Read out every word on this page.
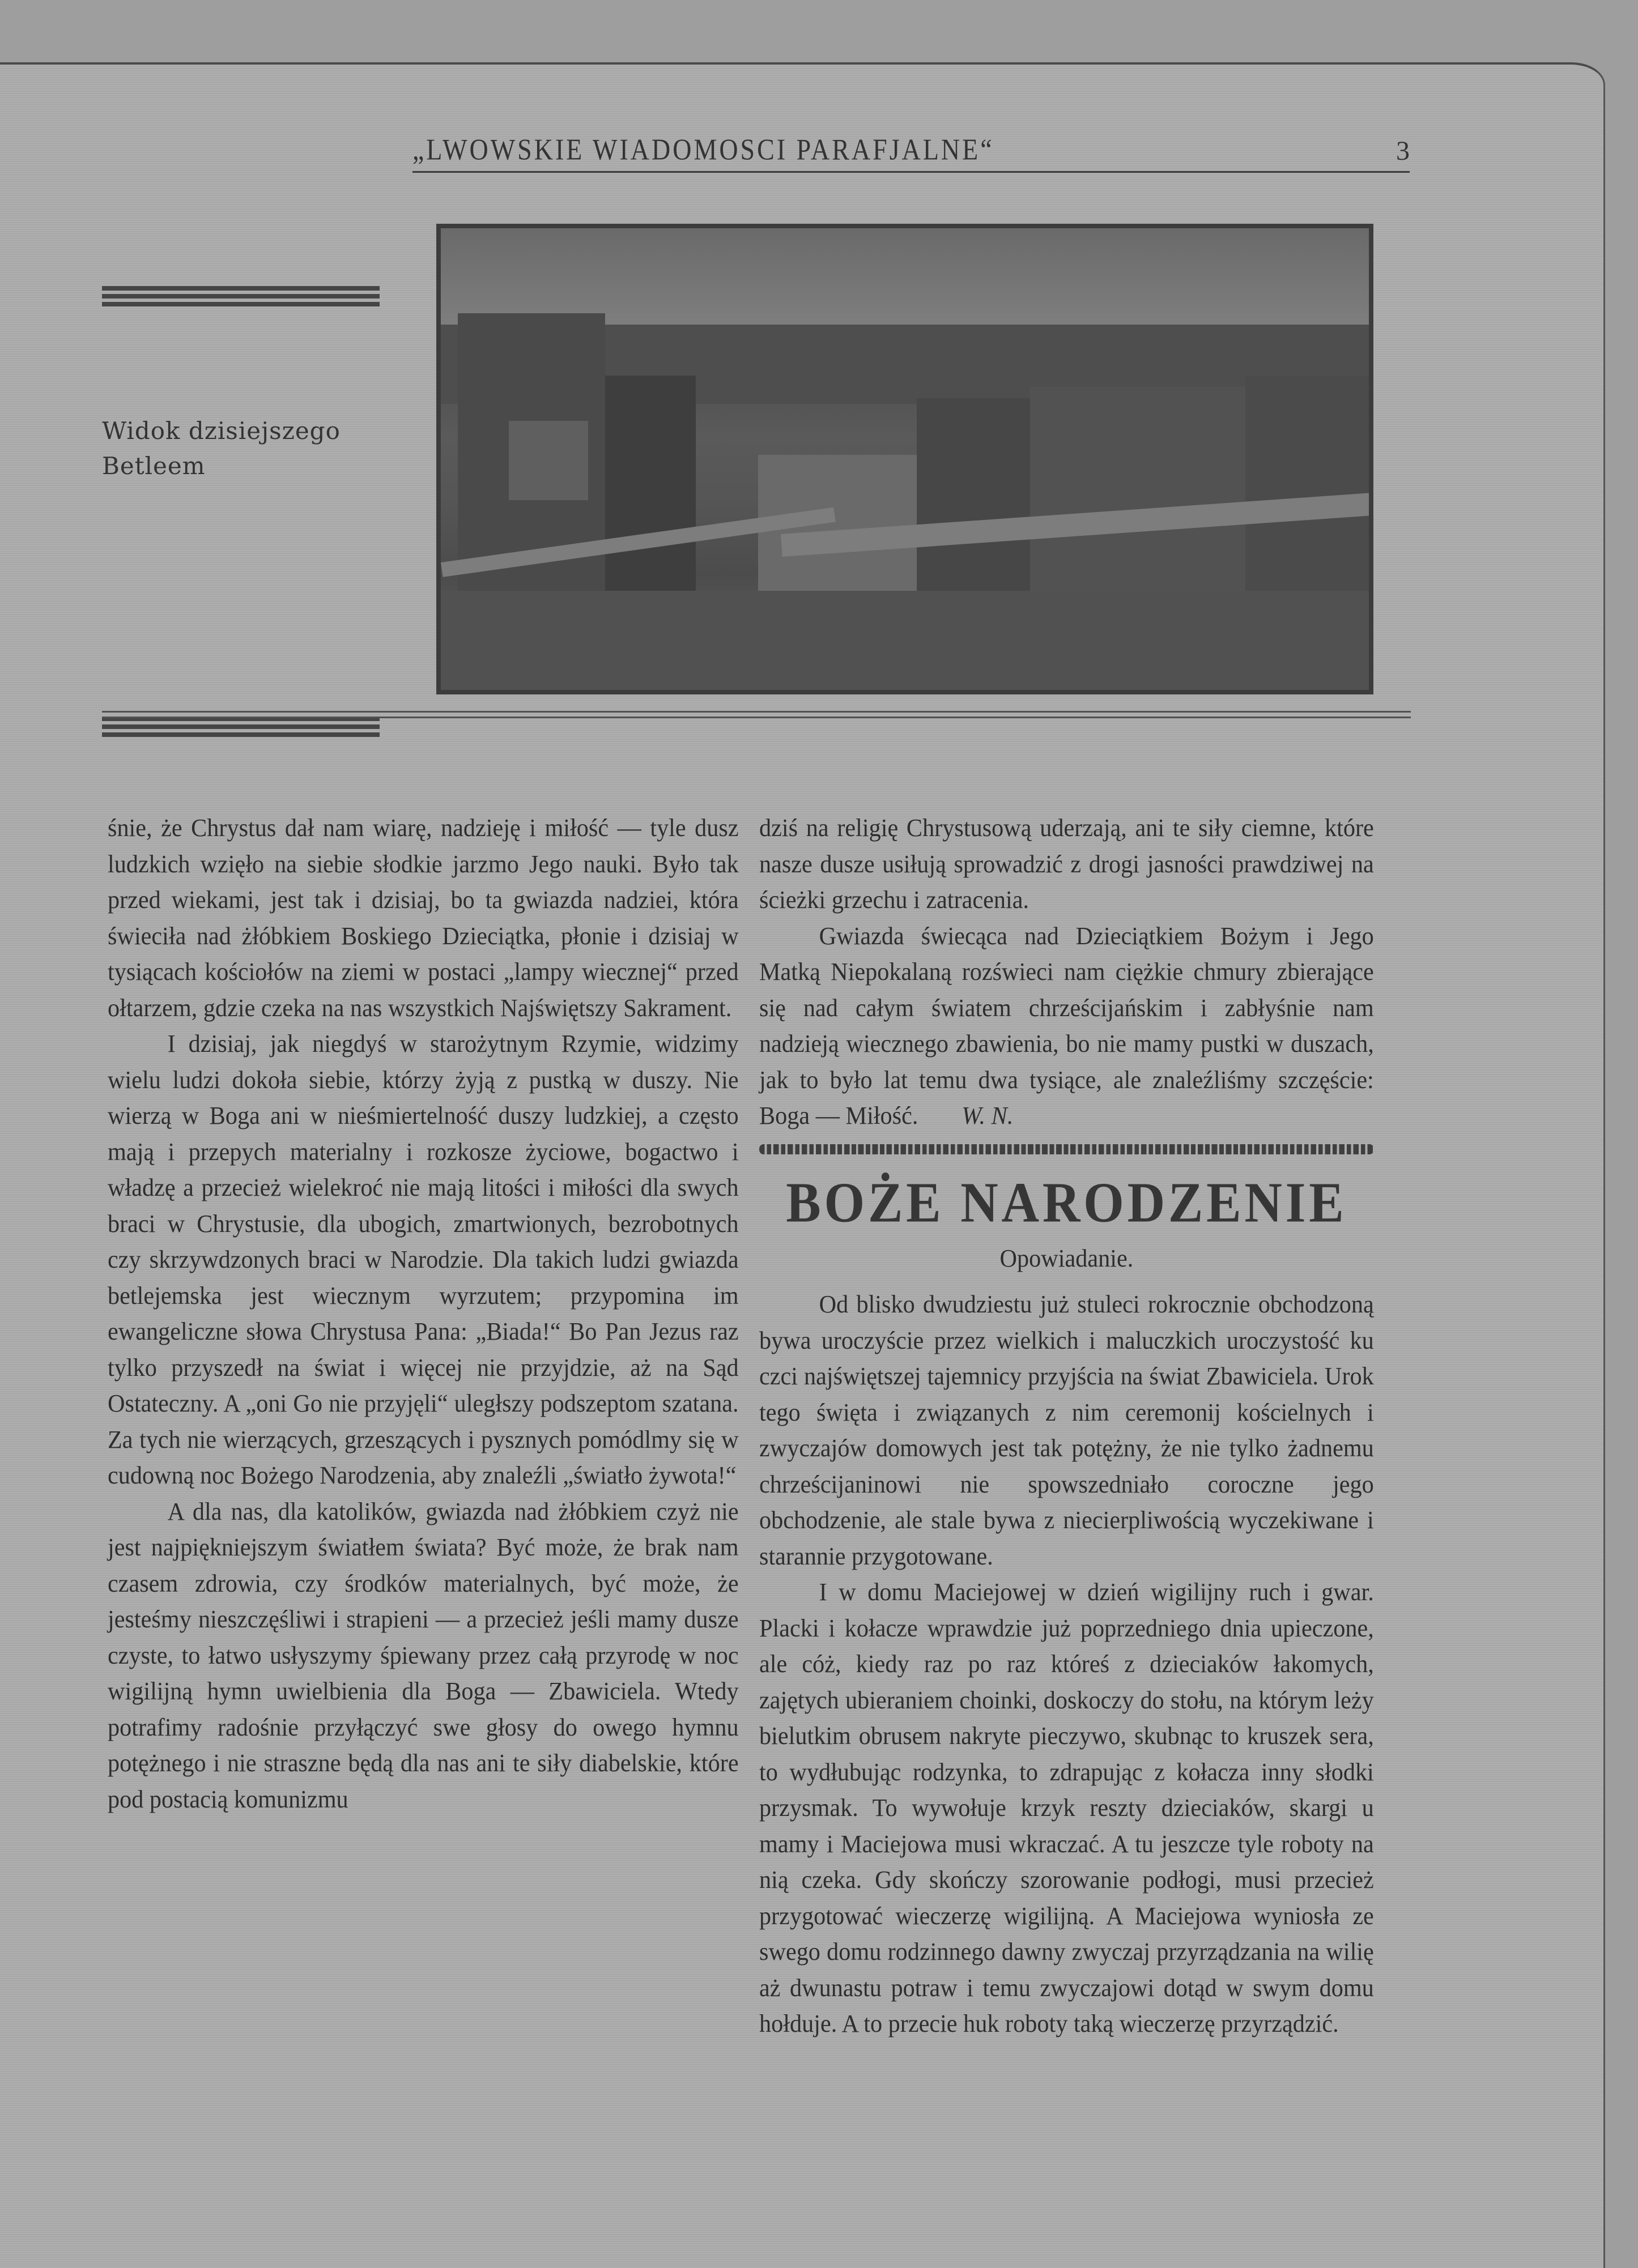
„LWOWSKIE WIADOMOSCI PARAFJALNE“	3
Widok dzisiejszego
Betleem

śnie, że Chrystus dał nam wiarę, nadzieję i miłość — tyle dusz ludzkich wzięło na siebie słodkie jarzmo Jego nauki. Było tak przed wiekami, jest tak i dzisiaj, bo ta gwiazda nadziei, która świeciła nad żłóbkiem Boskiego Dzieciątka, płonie i dzisiaj w tysiącach kościołów na ziemi w postaci „lampy wiecznej“ przed ołtarzem, gdzie czeka na nas wszystkich Najświętszy Sakrament.

I dzisiaj, jak niegdyś w starożytnym Rzymie, widzimy wielu ludzi dokoła siebie, którzy żyją z pustką w duszy. Nie wierzą w Boga ani w nieśmiertelność duszy ludzkiej, a często mają i przepych materialny i rozkosze życiowe, bogactwo i władzę a przecież wielekroć nie mają litości i miłości dla swych braci w Chrystusie, dla ubogich, zmartwionych, bezrobotnych czy skrzywdzonych braci w Narodzie. Dla takich ludzi gwiazda betlejemska jest wiecznym wyrzutem; przypomina im ewangeliczne słowa Chrystusa Pana: „Biada!“ Bo Pan Jezus raz tylko przyszedł na świat i więcej nie przyjdzie, aż na Sąd Ostateczny. A „oni Go nie przyjęli“ uległszy podszeptom szatana. Za tych nie wierzących, grzeszących i pysznych pomódlmy się w cudowną noc Bożego Narodzenia, aby znaleźli „światło żywota!“

A dla nas, dla katolików, gwiazda nad żłóbkiem czyż nie jest najpiękniejszym światłem świata? Być może, że brak nam czasem zdrowia, czy środków materialnych, być może, że jesteśmy nieszczęśliwi i strapieni — a przecież jeśli mamy dusze czyste, to łatwo usłyszymy śpiewany przez całą przyrodę w noc wigilijną hymn uwielbienia dla Boga — Zbawiciela. Wtedy potrafimy radośnie przyłączyć swe głosy do owego hymnu potężnego i nie straszne będą dla nas ani te siły diabelskie, które pod postacią komunizmu

dziś na religię Chrystusową uderzają, ani te siły ciemne, które nasze dusze usiłują sprowadzić z drogi jasności prawdziwej na ścieżki grzechu i zatracenia.

Gwiazda świecąca nad Dzieciątkiem Bożym i Jego Matką Niepokalaną rozświeci nam ciężkie chmury zbierające się nad całym światem chrześcijańskim i zabłyśnie nam nadzieją wiecznego zbawienia, bo nie mamy pustki w duszach, jak to było lat temu dwa tysiące, ale znaleźliśmy szczęście: Boga — Miłość. W. N.

BOŻE NARODZENIE
Opowiadanie.

Od blisko dwudziestu już stuleci rokrocznie obchodzoną bywa uroczyście przez wielkich i maluczkich uroczystość ku czci najświętszej tajemnicy przyjścia na świat Zbawiciela. Urok tego święta i związanych z nim ceremonij kościelnych i zwyczajów domowych jest tak potężny, że nie tylko żadnemu chrześcijaninowi nie spowszedniało coroczne jego obchodzenie, ale stale bywa z niecierpliwością wyczekiwane i starannie przygotowane.

I w domu Maciejowej w dzień wigilijny ruch i gwar. Placki i kołacze wprawdzie już poprzedniego dnia upieczone, ale cóż, kiedy raz po raz któreś z dzieciaków łakomych, zajętych ubieraniem choinki, doskoczy do stołu, na którym leży bielutkim obrusem nakryte pieczywo, skubnąc to kruszek sera, to wydłubując rodzynka, to zdrapując z kołacza inny słodki przysmak. To wywołuje krzyk reszty dzieciaków, skargi u mamy i Maciejowa musi wkraczać. A tu jeszcze tyle roboty na nią czeka. Gdy skończy szorowanie podłogi, musi przecież przygotować wieczerzę wigilijną. A Maciejowa wyniosła ze swego domu rodzinnego dawny zwyczaj przyrządzania na wilię aż dwunastu potraw i temu zwyczajowi dotąd w swym domu hołduje. A to przecie huk roboty taką wieczerzę przyrządzić.
